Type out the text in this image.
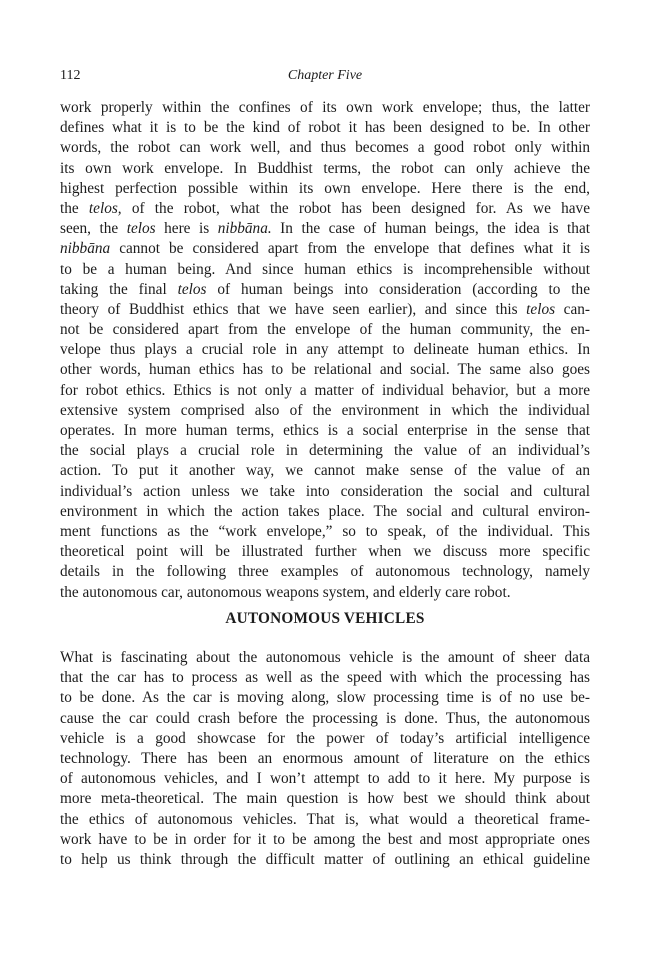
112	Chapter Five
work properly within the confines of its own work envelope; thus, the latter
defines what it is to be the kind of robot it has been designed to be. In other
words, the robot can work well, and thus becomes a good robot only within
its own work envelope. In Buddhist terms, the robot can only achieve the
highest perfection possible within its own envelope. Here there is the end,
the telos, of the robot, what the robot has been designed for. As we have
seen, the telos here is nibbāna. In the case of human beings, the idea is that
nibbāna cannot be considered apart from the envelope that defines what it is
to be a human being. And since human ethics is incomprehensible without
taking the final telos of human beings into consideration (according to the
theory of Buddhist ethics that we have seen earlier), and since this telos can-
not be considered apart from the envelope of the human community, the en-
velope thus plays a crucial role in any attempt to delineate human ethics. In
other words, human ethics has to be relational and social. The same also goes
for robot ethics. Ethics is not only a matter of individual behavior, but a more
extensive system comprised also of the environment in which the individual
operates. In more human terms, ethics is a social enterprise in the sense that
the social plays a crucial role in determining the value of an individual’s
action. To put it another way, we cannot make sense of the value of an
individual’s action unless we take into consideration the social and cultural
environment in which the action takes place. The social and cultural environ-
ment functions as the “work envelope,” so to speak, of the individual. This
theoretical point will be illustrated further when we discuss more specific
details in the following three examples of autonomous technology, namely
the autonomous car, autonomous weapons system, and elderly care robot.
AUTONOMOUS VEHICLES
What is fascinating about the autonomous vehicle is the amount of sheer data
that the car has to process as well as the speed with which the processing has
to be done. As the car is moving along, slow processing time is of no use be-
cause the car could crash before the processing is done. Thus, the autonomous
vehicle is a good showcase for the power of today’s artificial intelligence
technology. There has been an enormous amount of literature on the ethics
of autonomous vehicles, and I won’t attempt to add to it here. My purpose is
more meta-theoretical. The main question is how best we should think about
the ethics of autonomous vehicles. That is, what would a theoretical frame-
work have to be in order for it to be among the best and most appropriate ones
to help us think through the difficult matter of outlining an ethical guideline
